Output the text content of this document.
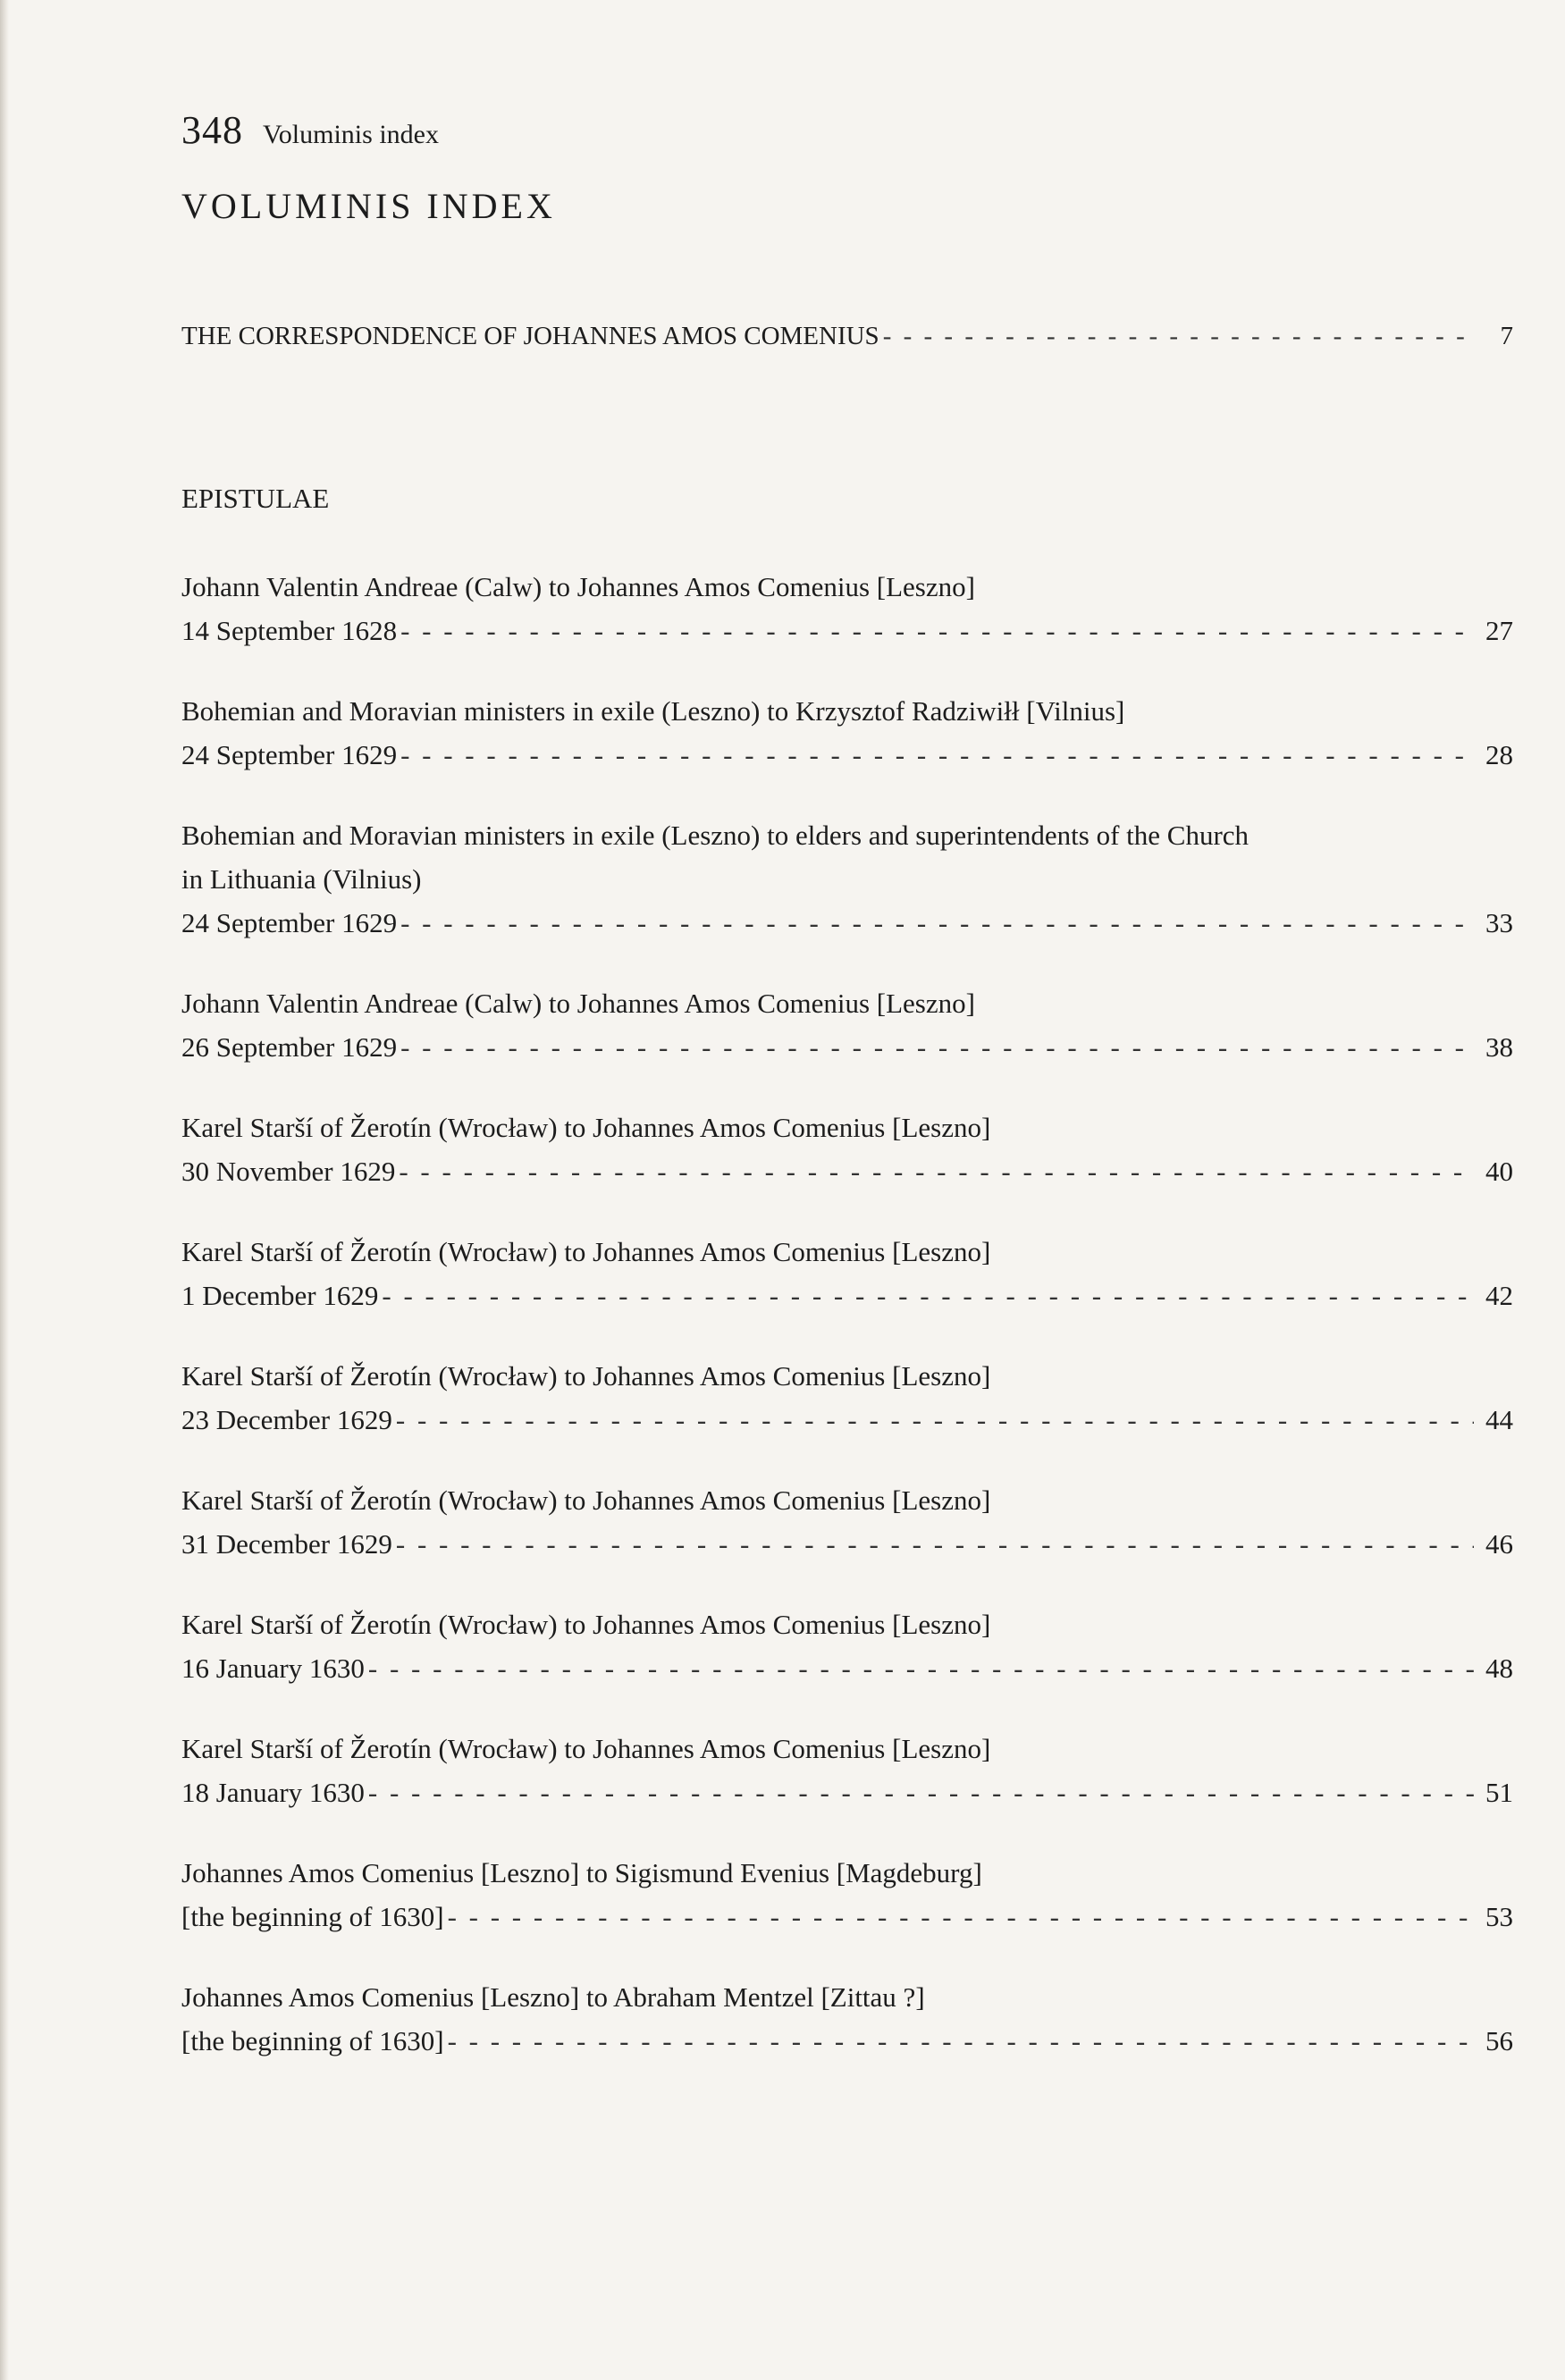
348 Voluminis index
VOLUMINIS INDEX
THE CORRESPONDENCE OF JOHANNES AMOS COMENIUS - - -	7
EPISTULAE
Johann Valentin Andreae (Calw) to Johannes Amos Comenius [Leszno]
14 September 1628 - - -	27
Bohemian and Moravian ministers in exile (Leszno) to Krzysztof Radziwiłł [Vilnius]
24 September 1629 - - -	28
Bohemian and Moravian ministers in exile (Leszno) to elders and superintendents of the Church
in Lithuania (Vilnius)
24 September 1629 - - -	33
Johann Valentin Andreae (Calw) to Johannes Amos Comenius [Leszno]
26 September 1629 - - -	38
Karel Starší of Žerotín (Wrocław) to Johannes Amos Comenius [Leszno]
30 November 1629 - - -	40
Karel Starší of Žerotín (Wrocław) to Johannes Amos Comenius [Leszno]
1 December 1629 - - -	42
Karel Starší of Žerotín (Wrocław) to Johannes Amos Comenius [Leszno]
23 December 1629 - - -	44
Karel Starší of Žerotín (Wrocław) to Johannes Amos Comenius [Leszno]
31 December 1629 - - -	46
Karel Starší of Žerotín (Wrocław) to Johannes Amos Comenius [Leszno]
16 January 1630 - - -	48
Karel Starší of Žerotín (Wrocław) to Johannes Amos Comenius [Leszno]
18 January 1630 - - -	51
Johannes Amos Comenius [Leszno] to Sigismund Evenius [Magdeburg]
[the beginning of 1630] - - -	53
Johannes Amos Comenius [Leszno] to Abraham Mentzel [Zittau ?]
[the beginning of 1630] - - -	56
